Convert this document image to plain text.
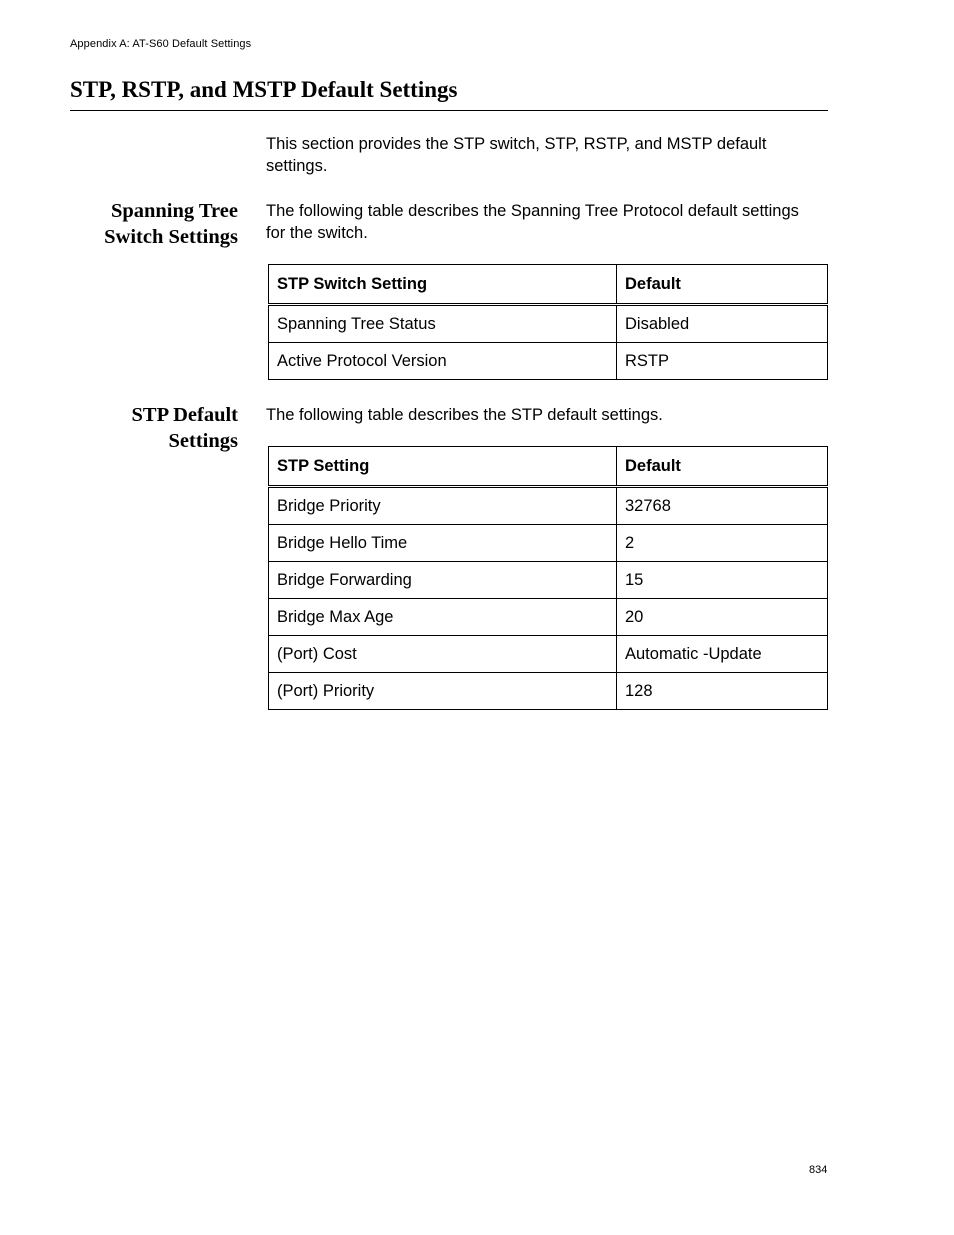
Appendix A: AT-S60 Default Settings
STP, RSTP, and MSTP Default Settings

This section provides the STP switch, STP, RSTP, and MSTP default settings.

Spanning Tree
Switch Settings

The following table describes the Spanning Tree Protocol default settings for the switch.

STP Switch Setting	Default
Spanning Tree Status	Disabled
Active Protocol Version	RSTP
STP Default
Settings

The following table describes the STP default settings.

STP Setting	Default
Bridge Priority	32768
Bridge Hello Time	2
Bridge Forwarding	15
Bridge Max Age	20
(Port) Cost	Automatic -Update
(Port) Priority	128
834
